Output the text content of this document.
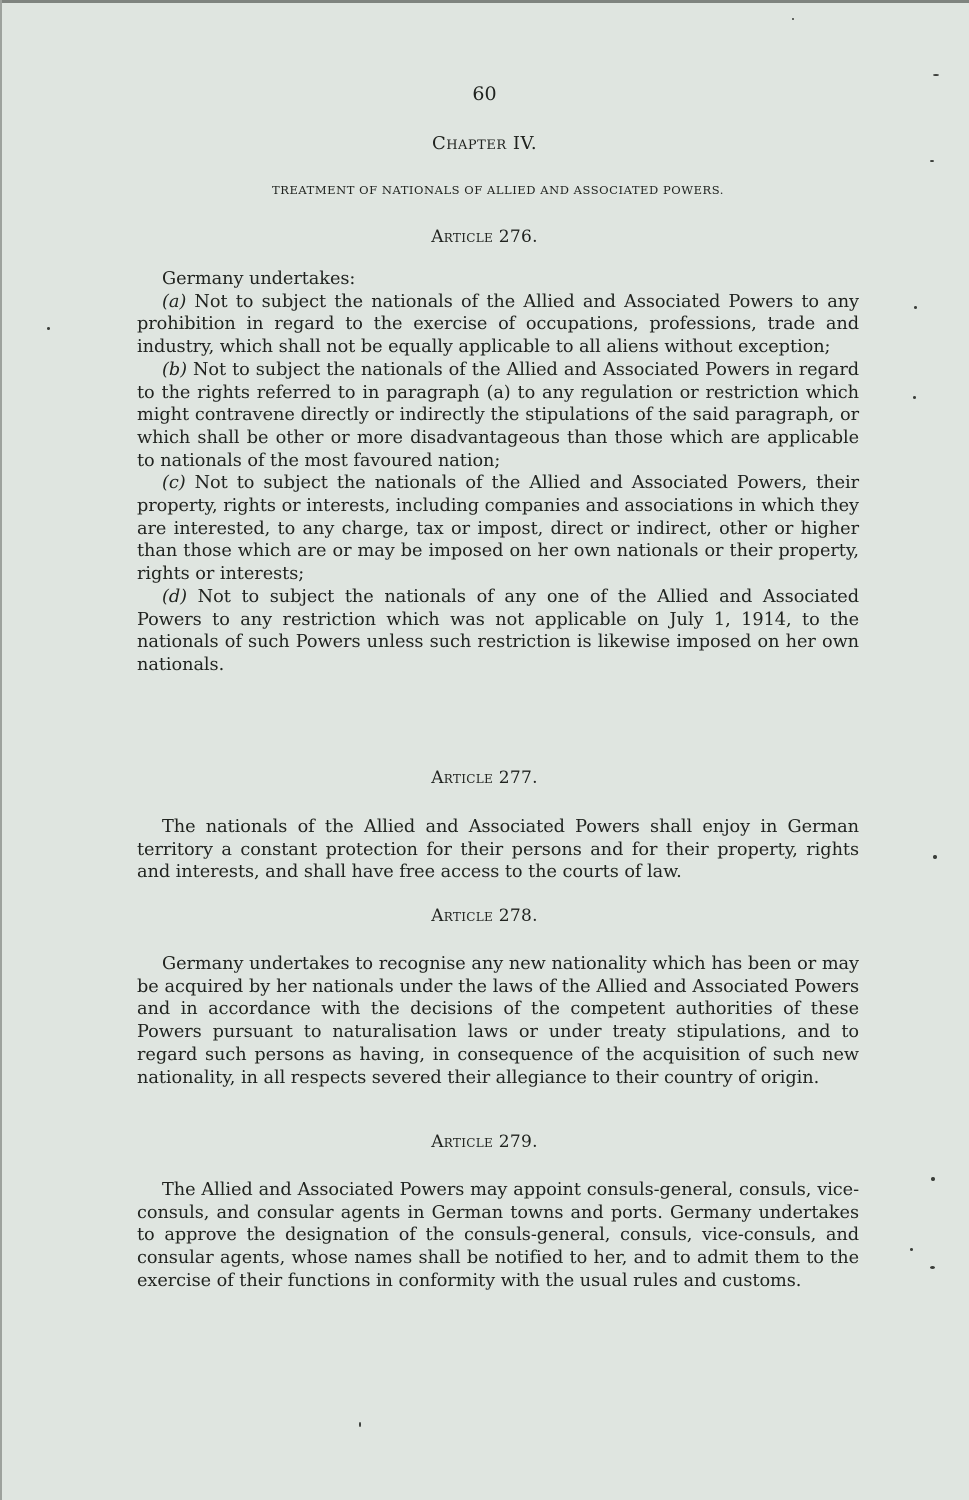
60
Chapter IV.
TREATMENT OF NATIONALS OF ALLIED AND ASSOCIATED POWERS.
Article 276.

Germany undertakes:

(a) Not to subject the nationals of the Allied and Associated Powers to any prohibition in regard to the exercise of occupations, professions, trade and industry, which shall not be equally applicable to all aliens without exception;

(b) Not to subject the nationals of the Allied and Associated Powers in regard to the rights referred to in paragraph (a) to any regulation or restriction which might contravene directly or indirectly the stipulations of the said paragraph, or which shall be other or more disadvantageous than those which are applicable to nationals of the most favoured nation;

(c) Not to subject the nationals of the Allied and Associated Powers, their property, rights or interests, including companies and associations in which they are interested, to any charge, tax or impost, direct or indirect, other or higher than those which are or may be imposed on her own nationals or their property, rights or interests;

(d) Not to subject the nationals of any one of the Allied and Associated Powers to any restriction which was not applicable on July 1, 1914, to the nationals of such Powers unless such restriction is likewise imposed on her own nationals.

Article 277.

The nationals of the Allied and Associated Powers shall enjoy in German territory a constant protection for their persons and for their property, rights and interests, and shall have free access to the courts of law.

Article 278.

Germany undertakes to recognise any new nationality which has been or may be acquired by her nationals under the laws of the Allied and Associated Powers and in accordance with the decisions of the competent authorities of these Powers pursuant to naturalisation laws or under treaty stipulations, and to regard such persons as having, in consequence of the acquisition of such new nationality, in all respects severed their allegiance to their country of origin.

Article 279.

The Allied and Associated Powers may appoint consuls-general, consuls, vice-consuls, and consular agents in German towns and ports. Germany undertakes to approve the designation of the consuls-general, consuls, vice-consuls, and consular agents, whose names shall be notified to her, and to admit them to the exercise of their functions in conformity with the usual rules and customs.
